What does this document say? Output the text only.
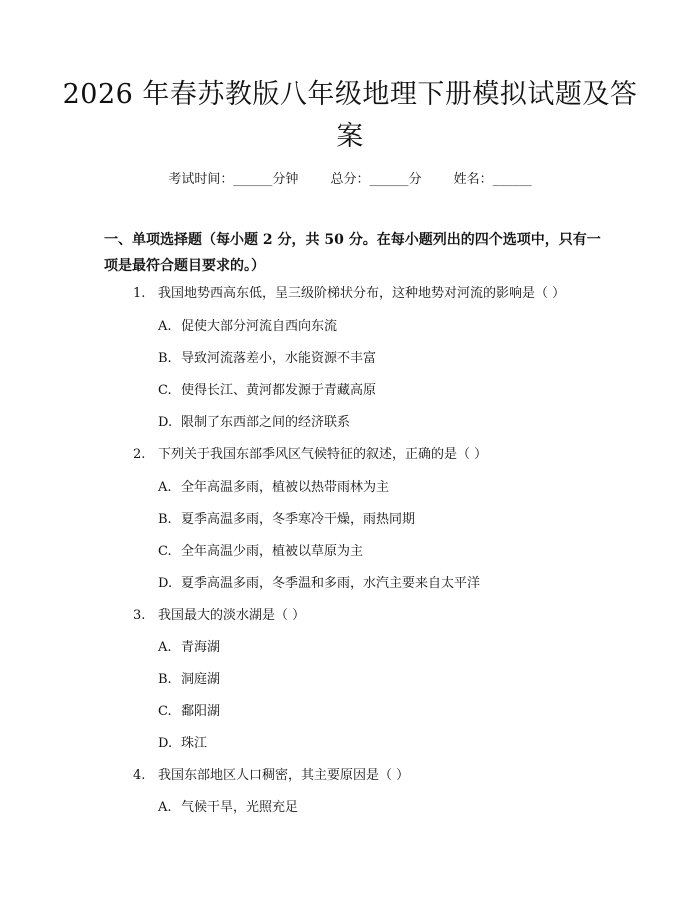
2026 年春苏教版八年级地理下册模拟试题及答案
考试时间：______分钟 总分：______分 姓名：______
一、单项选择题（每小题 2 分，共 50 分。在每小题列出的四个选项中，只有一项是最符合题目要求的。）
1. 我国地势西高东低，呈三级阶梯状分布，这种地势对河流的影响是（ ）
A. 促使大部分河流自西向东流
B. 导致河流落差小，水能资源不丰富
C. 使得长江、黄河都发源于青藏高原
D. 限制了东西部之间的经济联系
2. 下列关于我国东部季风区气候特征的叙述，正确的是（ ）
A. 全年高温多雨，植被以热带雨林为主
B. 夏季高温多雨，冬季寒冷干燥，雨热同期
C. 全年高温少雨，植被以草原为主
D. 夏季高温多雨，冬季温和多雨，水汽主要来自太平洋
3. 我国最大的淡水湖是（ ）
A. 青海湖
B. 洞庭湖
C. 鄱阳湖
D. 珠江
4. 我国东部地区人口稠密，其主要原因是（ ）
A. 气候干旱，光照充足
